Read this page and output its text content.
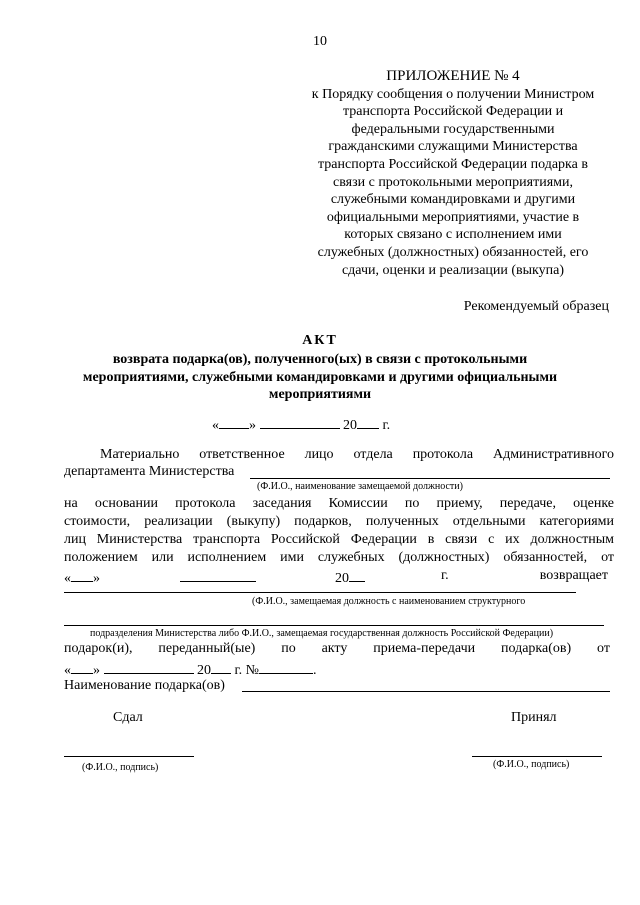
10
ПРИЛОЖЕНИЕ № 4
к Порядку сообщения о получении Министром
транспорта Российской Федерации и
федеральными государственными
гражданскими служащими Министерства
транспорта Российской Федерации подарка в
связи с протокольными мероприятиями,
служебными командировками и другими
официальными мероприятиями, участие в
которых связано с исполнением ими
служебных (должностных) обязанностей, его
сдачи, оценки и реализации (выкупа)
Рекомендуемый образец
АКТ
возврата подарка(ов), полученного(ых) в связи с протокольными
мероприятиями, служебными командировками и другими официальными
мероприятиями
« »	20 г.
Материально ответственное лицо отдела протокола Административного
департамента Министерства
(Ф.И.О., наименование замещаемой должности)
на основании протокола заседания Комиссии по приему, передаче, оценке
стоимости, реализации (выкупу) подарков, полученных отдельными категориями
лиц Министерства транспорта Российской Федерации в связи с их должностным
положением или исполнением ими служебных (должностных) обязанностей, от
« »	20	г.	возвращает
(Ф.И.О., замещаемая должность с наименованием структурного
подразделения Министерства либо Ф.И.О., замещаемая государственная должность Российской Федерации)
подарок(и), переданный(ые) по акту приема-передачи подарка(ов) от
« »	20 г. №	.
Наименование подарка(ов)
Сдал	Принял
(Ф.И.О., подпись)	(Ф.И.О., подпись)
